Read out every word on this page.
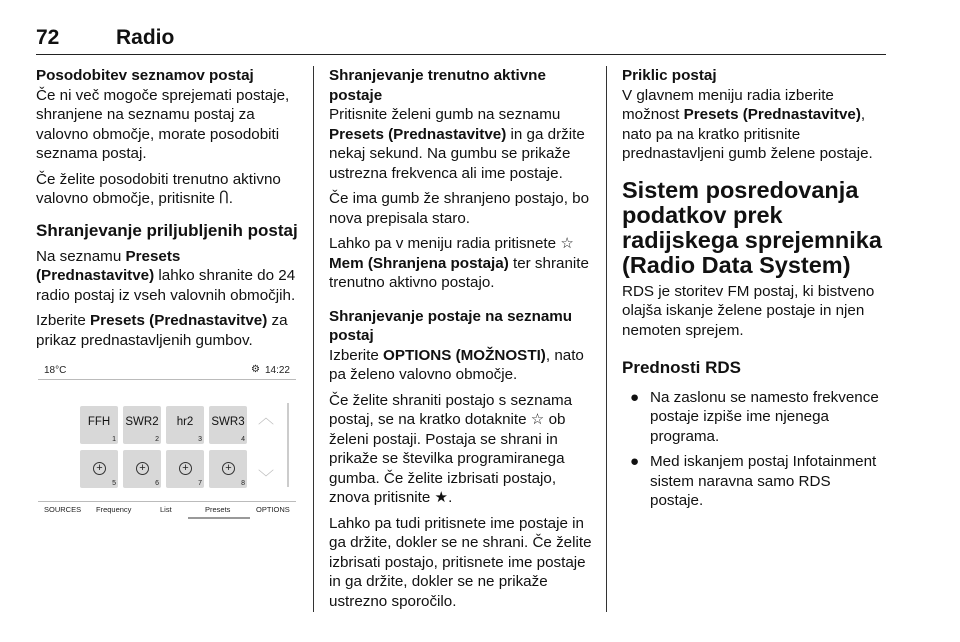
72	Radio

Posodobitev seznamov postaj

Če ni več mogoče sprejemati postaje, shranjene na seznamu postaj za valovno območje, morate posodobiti seznama postaj.

Če želite posodobiti trenutno aktivno valovno območje, pritisnite Ⴖ.

Shranjevanje priljubljenih postaj

Na seznamu Presets (Prednastavitve) lahko shranite do 24 radio postaj iz vseh valovnih območjih.

Izberite Presets (Prednastavitve) za prikaz prednastavljenih gumbov.

18°C	⚙ 14:22
FFH
1
SWR2
2
hr2
3
SWR3
4
+
5
+
6
+
7
+
8
︿
﹀
SOURCES Frequency	List	Presets	OPTIONS

Shranjevanje trenutno aktivne postaje

Pritisnite želeni gumb na seznamu Presets (Prednastavitve) in ga držite nekaj sekund. Na gumbu se prikaže ustrezna frekvenca ali ime postaje.

Če ima gumb že shranjeno postajo, bo nova prepisala staro.

Lahko pa v meniju radia pritisnete ☆ Mem (Shranjena postaja) ter shranite trenutno aktivno postajo.

Shranjevanje postaje na seznamu postaj

Izberite OPTIONS (MOŽNOSTI), nato pa želeno valovno območje.

Če želite shraniti postajo s seznama postaj, se na kratko dotaknite ☆ ob želeni postaji. Postaja se shrani in prikaže se številka programiranega gumba. Če želite izbrisati postajo, znova pritisnite ★.

Lahko pa tudi pritisnete ime postaje in ga držite, dokler se ne shrani. Če želite izbrisati postajo, pritisnete ime postaje in ga držite, dokler se ne prikaže ustrezno sporočilo.

Priklic postaj

V glavnem meniju radia izberite možnost Presets (Prednastavitve), nato pa na kratko pritisnite prednastavljeni gumb želene postaje.

Sistem posredovanja podatkov prek radijskega sprejemnika (Radio Data System)

RDS je storitev FM postaj, ki bistveno olajša iskanje želene postaje in njen nemoten sprejem.

Prednosti RDS

● Na zaslonu se namesto frekvence postaje izpiše ime njenega programa.
● Med iskanjem postaj Infotainment sistem naravna samo RDS postaje.
